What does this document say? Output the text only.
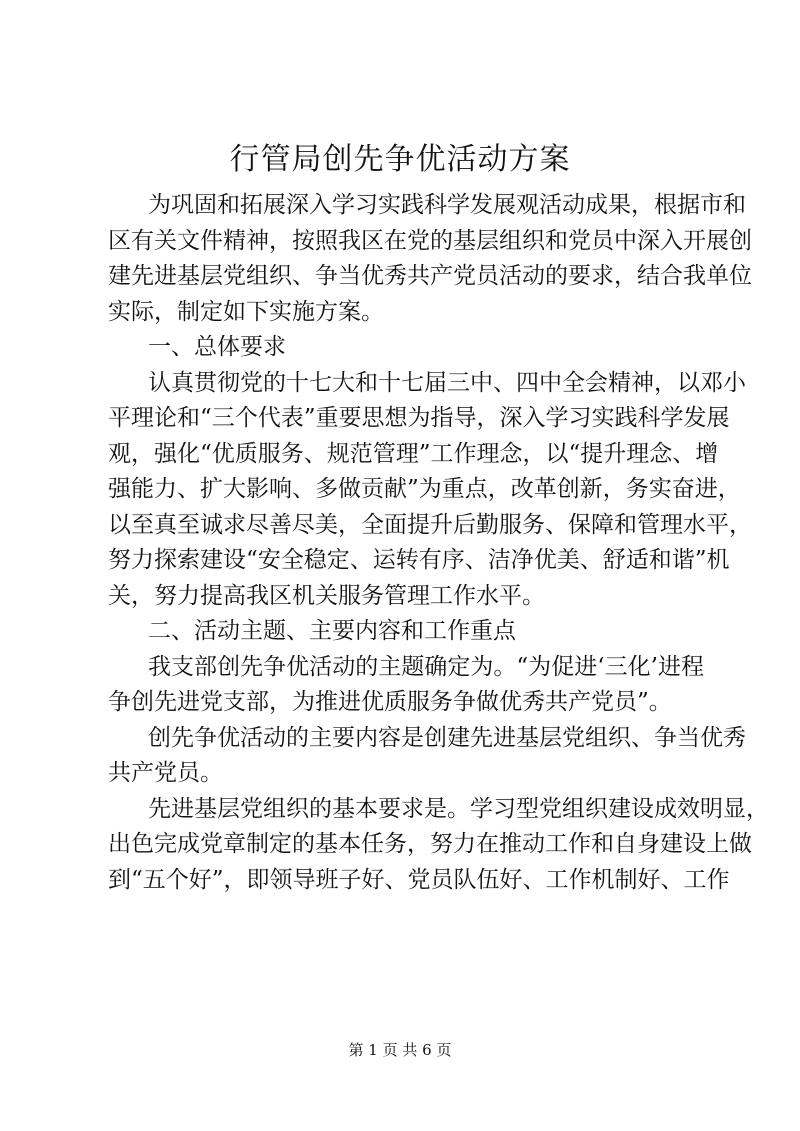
行管局创先争优活动方案
为巩固和拓展深入学习实践科学发展观活动成果，根据市和
区有关文件精神，按照我区在党的基层组织和党员中深入开展创
建先进基层党组织、争当优秀共产党员活动的要求，结合我单位
实际，制定如下实施方案。
一、总体要求
认真贯彻党的十七大和十七届三中、四中全会精神，以邓小
平理论和“三个代表”重要思想为指导，深入学习实践科学发展
观，强化“优质服务、规范管理”工作理念，以“提升理念、增
强能力、扩大影响、多做贡献”为重点，改革创新，务实奋进，
以至真至诚求尽善尽美，全面提升后勤服务、保障和管理水平，
努力探索建设“安全稳定、运转有序、洁净优美、舒适和谐”机
关，努力提高我区机关服务管理工作水平。
二、活动主题、主要内容和工作重点
我支部创先争优活动的主题确定为。“为促进‘三化’进程
争创先进党支部，为推进优质服务争做优秀共产党员”。
创先争优活动的主要内容是创建先进基层党组织、争当优秀
共产党员。
先进基层党组织的基本要求是。学习型党组织建设成效明显，
出色完成党章制定的基本任务，努力在推动工作和自身建设上做
到“五个好”，即领导班子好、党员队伍好、工作机制好、工作
第 1 页 共 6 页
